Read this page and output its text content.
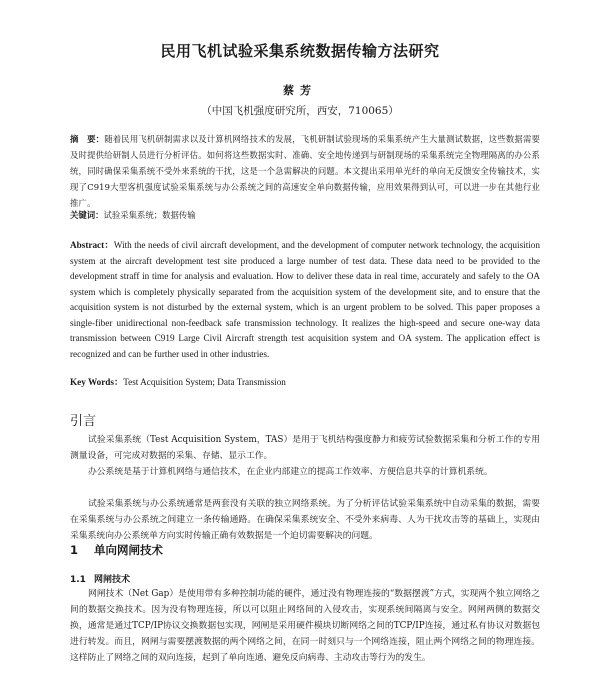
民用飞机试验采集系统数据传输方法研究
蔡芳
（中国飞机强度研究所，西安，710065）
摘　要：随着民用飞机研制需求以及计算机网络技术的发展，飞机研制试验现场的采集系统产生大量测试数据，这些数据需要及时提供给研制人员进行分析评估。如何将这些数据实时、准确、安全地传递到与研制现场的采集系统完全物理隔离的办公系统，同时确保采集系统不受外来系统的干扰，这是一个急需解决的问题。本文提出采用单光纤的单向无反馈安全传输技术，实现了C919大型客机强度试验采集系统与办公系统之间的高速安全单向数据传输，应用效果得到认可，可以进一步在其他行业推广。
关键词：试验采集系统；数据传输
Abstract：With the needs of civil aircraft development, and the development of computer network technology, the acquisition system at the aircraft development test site produced a large number of test data. These data need to be provided to the development straff in time for analysis and evaluation. How to deliver these data in real time, accurately and safely to the OA system which is completely physically separated from the acquisition system of the development site, and to ensure that the acquisition system is not disturbed by the external system, which is an urgent problem to be solved. This paper proposes a single-fiber unidirectional non-feedback safe transmission technology. It realizes the high-speed and secure one-way data transmission between C919 Large Civil Aircraft strength test acquisition system and OA system. The application effect is recognized and can be further used in other industries.
Key Words：Test Acquisition System; Data Transmission
引言
试验采集系统（Test Acquisition System，TAS）是用于飞机结构强度静力和疲劳试验数据采集和分析工作的专用测量设备，可完成对数据的采集、存储、显示工作。
办公系统是基于计算机网络与通信技术，在企业内部建立的提高工作效率、方便信息共享的计算机系统。
试验采集系统与办公系统通常是两套没有关联的独立网络系统。为了分析评估试验采集系统中自动采集的数据，需要在采集系统与办公系统之间建立一条传输通路。在确保采集系统安全、不受外来病毒、人为干扰攻击等的基础上，实现由采集系统向办公系统单方向实时传输正确有效数据是一个迫切需要解决的问题。
1 单向网闸技术
1.1 网闸技术
网闸技术（Net Gap）是使用带有多种控制功能的硬件，通过没有物理连接的“数据摆渡”方式，实现两个独立网络之间的数据交换技术。因为没有物理连接，所以可以阻止网络间的入侵攻击，实现系统间隔离与安全。网闸两侧的数据交换，通常是通过TCP/IP协议交换数据包实现，网闸是采用硬件模块切断网络之间的TCP/IP连接，通过私有协议对数据包进行转发。而且，网闸与需要摆渡数据的两个网络之间，在同一时刻只与一个网络连接，阻止两个网络之间的物理连接。这样防止了网络之间的双向连接，起到了单向连通、避免反向病毒、主动攻击等行为的发生。
